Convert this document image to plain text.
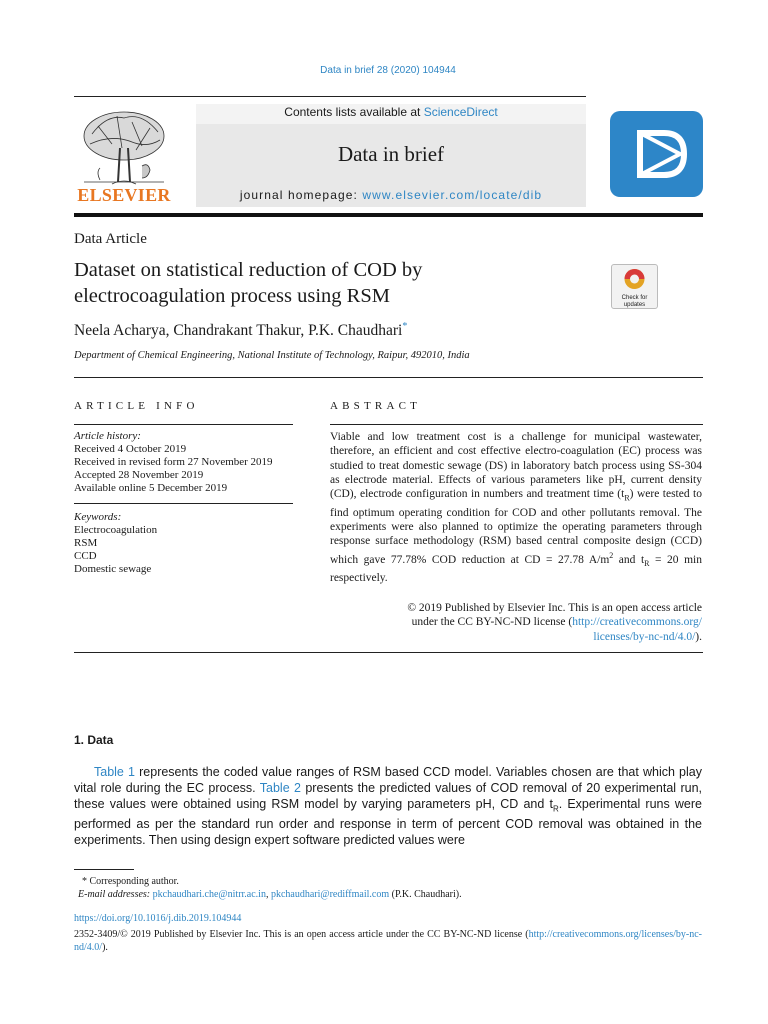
Data in brief 28 (2020) 104944
ELSEVIER
Contents lists available at ScienceDirect
Data in brief
journal homepage: www.elsevier.com/locate/dib
Data Article
Dataset on statistical reduction of COD by
electrocoagulation process using RSM	Check for updates
Neela Acharya, Chandrakant Thakur, P.K. Chaudhari*
Department of Chemical Engineering, National Institute of Technology, Raipur, 492010, India
ARTICLE INFO	ABSTRACT
Article history:
Received 4 October 2019
Received in revised form 27 November 2019
Accepted 28 November 2019
Available online 5 December 2019
Keywords:
Electrocoagulation
RSM
CCD
Domestic sewage
Viable and low treatment cost is a challenge for municipal wastewater, therefore, an efficient and cost effective electro-coagulation (EC) process was studied to treat domestic sewage (DS) in laboratory batch process using SS-304 as electrode material. Effects of various parameters like pH, current density (CD), electrode configuration in numbers and treatment time $(t_R)$ were tested to find optimum operating condition for COD and other pollutants removal. The experiments were also planned to optimize the operating parameters through response surface methodology (RSM) based central composite design (CCD) which gave 77.78% COD reduction at CD = 27.78 $A/m^2$ and $t_R = 20$ min respectively.
© 2019 Published by Elsevier Inc. This is an open access article
under the CC BY-NC-ND license (http://creativecommons.org/
licenses/by-nc-nd/4.0/).
1. Data
Table 1 represents the coded value ranges of RSM based CCD model. Variables chosen are that which play vital role during the EC process. Table 2 presents the predicted values of COD removal of 20 experimental run, these values were obtained using RSM model by varying parameters pH, CD and $t_R$. Experimental runs were performed as per the standard run order and response in term of percent COD removal was obtained in the experiments. Then using design expert software predicted values were
* Corresponding author.
E-mail addresses: pkchaudhari.che@nitrr.ac.in, pkchaudhari@rediffmail.com (P.K. Chaudhari).
https://doi.org/10.1016/j.dib.2019.104944
2352-3409/© 2019 Published by Elsevier Inc. This is an open access article under the CC BY-NC-ND license (http://creativecommons.org/licenses/by-nc-nd/4.0/).
